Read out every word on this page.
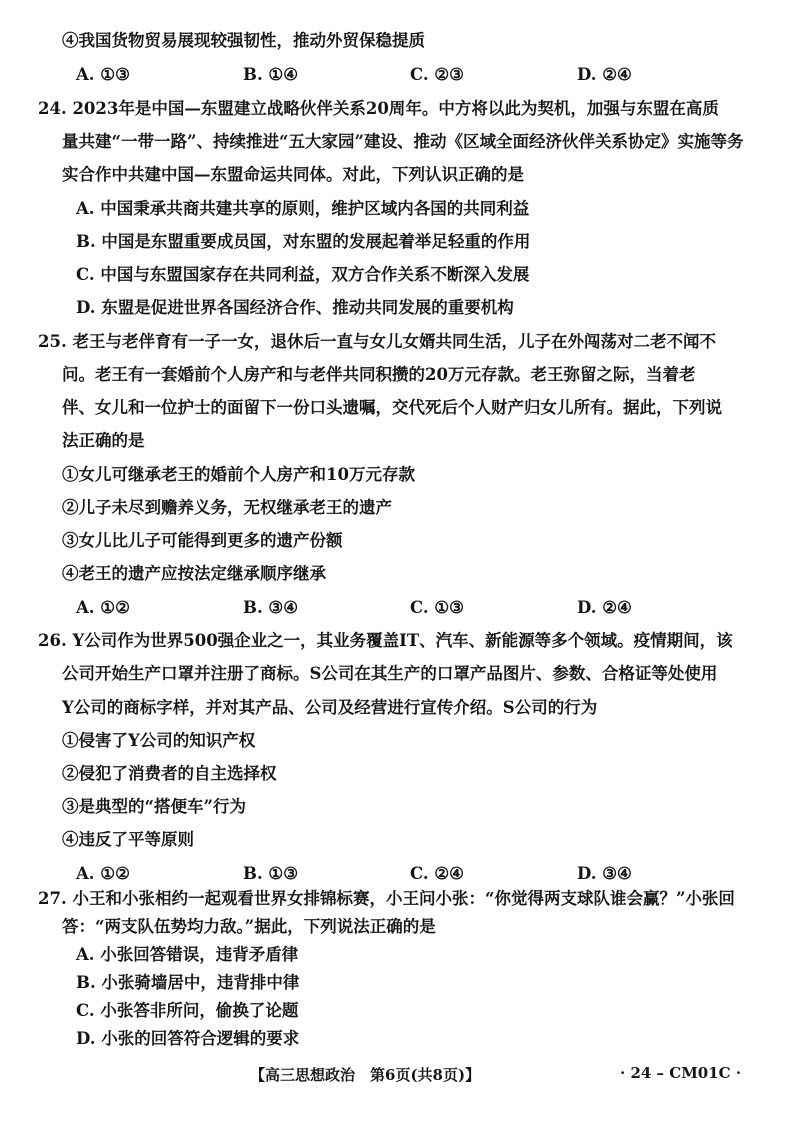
④我国货物贸易展现较强韧性，推动外贸保稳提质
A. ①③	B. ①④	C. ②③	D. ②④
24. 2023年是中国—东盟建立战略伙伴关系20周年。中方将以此为契机，加强与东盟在高质
量共建“一带一路”、持续推进“五大家园”建设、推动《区域全面经济伙伴关系协定》实施等务
实合作中共建中国—东盟命运共同体。对此，下列认识正确的是
A. 中国秉承共商共建共享的原则，维护区域内各国的共同利益
B. 中国是东盟重要成员国，对东盟的发展起着举足轻重的作用
C. 中国与东盟国家存在共同利益，双方合作关系不断深入发展
D. 东盟是促进世界各国经济合作、推动共同发展的重要机构
25. 老王与老伴育有一子一女，退休后一直与女儿女婿共同生活，儿子在外闯荡对二老不闻不
问。老王有一套婚前个人房产和与老伴共同积攒的20万元存款。老王弥留之际，当着老
伴、女儿和一位护士的面留下一份口头遗嘱，交代死后个人财产归女儿所有。据此，下列说
法正确的是
①女儿可继承老王的婚前个人房产和10万元存款
②儿子未尽到赡养义务，无权继承老王的遗产
③女儿比儿子可能得到更多的遗产份额
④老王的遗产应按法定继承顺序继承
A. ①②	B. ③④	C. ①③	D. ②④
26. Y公司作为世界500强企业之一，其业务覆盖IT、汽车、新能源等多个领域。疫情期间，该
公司开始生产口罩并注册了商标。S公司在其生产的口罩产品图片、参数、合格证等处使用
Y公司的商标字样，并对其产品、公司及经营进行宣传介绍。S公司的行为
①侵害了Y公司的知识产权
②侵犯了消费者的自主选择权
③是典型的“搭便车”行为
④违反了平等原则
A. ①②	B. ①③	C. ②④	D. ③④
27. 小王和小张相约一起观看世界女排锦标赛，小王问小张：“你觉得两支球队谁会赢？”小张回
答：“两支队伍势均力敌。”据此，下列说法正确的是
A. 小张回答错误，违背矛盾律
B. 小张骑墙居中，违背排中律
C. 小张答非所问，偷换了论题
【高三思想政治　第6页(共8页)】	· 24 – CM01C ·
D. 小张的回答符合逻辑的要求
